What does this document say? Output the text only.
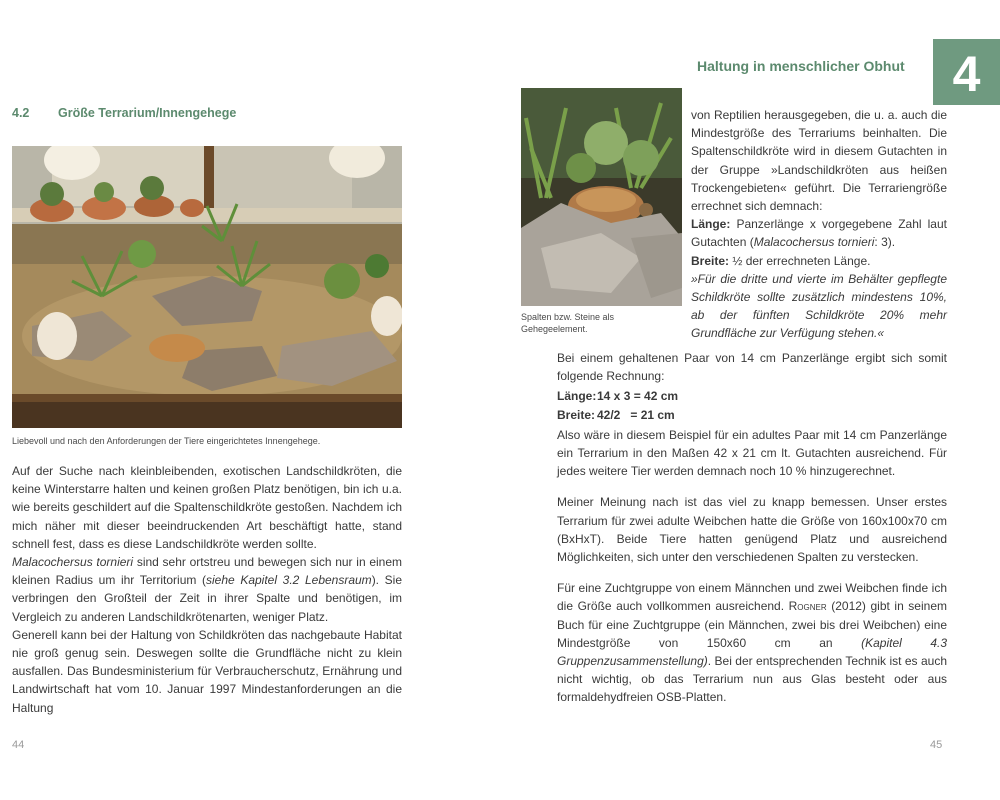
4.2 Größe Terrarium/Innengehege
Liebevoll und nach den Anforderungen der Tiere eingerichtetes Innengehege.

Auf der Suche nach kleinbleibenden, exotischen Landschildkröten, die keine Winterstarre halten und keinen großen Platz benötigen, bin ich u.a. wie bereits geschildert auf die Spaltenschildkröte gestoßen. Nachdem ich mich näher mit dieser beeindruckenden Art beschäftigt hatte, stand schnell fest, dass es diese Landschildkröte werden sollte.

Malacochersus tornieri sind sehr ortstreu und bewegen sich nur in einem kleinen Radius um ihr Territorium (siehe Kapitel 3.2 Lebensraum). Sie verbringen den Großteil der Zeit in ihrer Spalte und benötigen, im Vergleich zu anderen Landschildkrötenarten, weniger Platz.

Generell kann bei der Haltung von Schildkröten das nachgebaute Habitat nie groß genug sein. Deswegen sollte die Grundfläche nicht zu klein ausfallen. Das Bundesministerium für Verbraucherschutz, Ernährung und Landwirtschaft hat vom 10. Januar 1997 Mindestanforderungen an die Haltung

44
Haltung in menschlicher Obhut 4
Spalten bzw. Steine als Gehegeelement.

von Reptilien herausgegeben, die u. a. auch die Mindestgröße des Terrariums beinhalten. Die Spaltenschildkröte wird in diesem Gutachten in der Gruppe »Landschildkröten aus heißen Trockengebieten« geführt. Die Terrariengröße errechnet sich demnach:

Länge: Panzerlänge x vorgegebene Zahl laut Gutachten (Malacochersus tornieri: 3).

Breite: ½ der errechneten Länge.

»Für die dritte und vierte im Behälter gepflegte Schildkröte sollte zusätzlich mindestens 10%, ab der fünften Schildkröte 20% mehr Grundfläche zur Verfügung stehen.«

Bei einem gehaltenen Paar von 14 cm Panzerlänge ergibt sich somit folgende Rechnung:

Länge: 14 x 3 = 42 cm
Breite: 42/2   = 21 cm

Also wäre in diesem Beispiel für ein adultes Paar mit 14 cm Panzerlänge ein Terrarium in den Maßen 42 x 21 cm lt. Gutachten ausreichend. Für jedes weitere Tier werden demnach noch 10 % hinzugerechnet.

Meiner Meinung nach ist das viel zu knapp bemessen. Unser erstes Terrarium für zwei adulte Weibchen hatte die Größe von 160x100x70 cm (BxHxT). Beide Tiere hatten genügend Platz und ausreichend Möglichkeiten, sich unter den verschiedenen Spalten zu verstecken.

Für eine Zuchtgruppe von einem Männchen und zwei Weibchen finde ich die Größe auch vollkommen ausreichend. Rogner (2012) gibt in seinem Buch für eine Zuchtgruppe (ein Männchen, zwei bis drei Weibchen) eine Mindestgröße von 150x60 cm an (Kapitel 4.3 Gruppenzusammenstellung). Bei der entsprechenden Technik ist es auch nicht wichtig, ob das Terrarium nun aus Glas besteht oder aus formaldehydfreien OSB-Platten.

45
